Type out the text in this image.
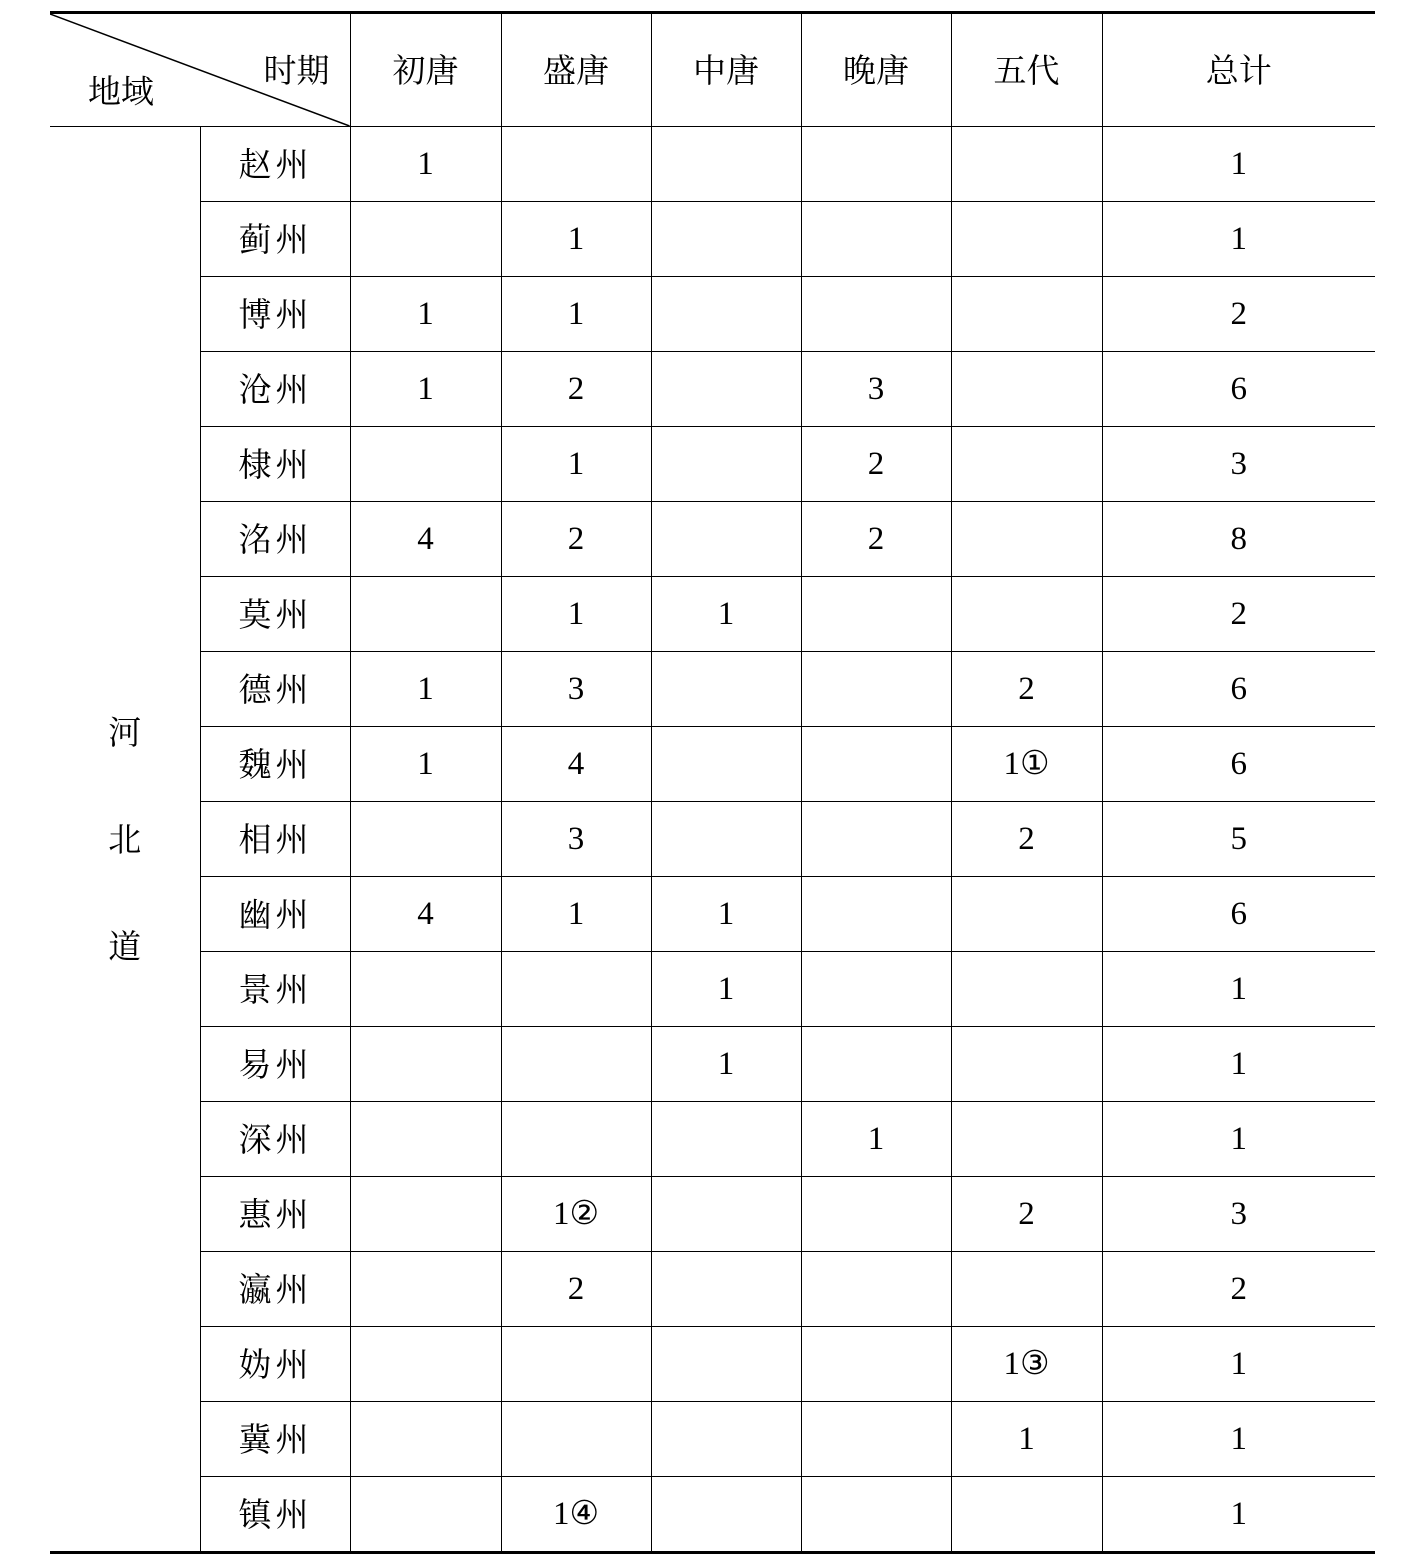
时期
地域		初唐	盛唐	中唐	晚唐	五代	总计

河
北
道	赵州	1					1
	蓟州		1				1
	博州	1	1				2
	沧州	1	2		3		6
	棣州		1		2		3
	洺州	4	2		2		8
	莫州		1	1			2
	德州	1	3			2	6
	魏州	1	4			1①	6
	相州		3			2	5
	幽州	4	1	1			6
	景州			1			1
	易州			1			1
	深州				1		1
	惠州		1②			2	3
	瀛州		2				2
	妫州					1③	1
	冀州					1	1
	镇州		1④				1
